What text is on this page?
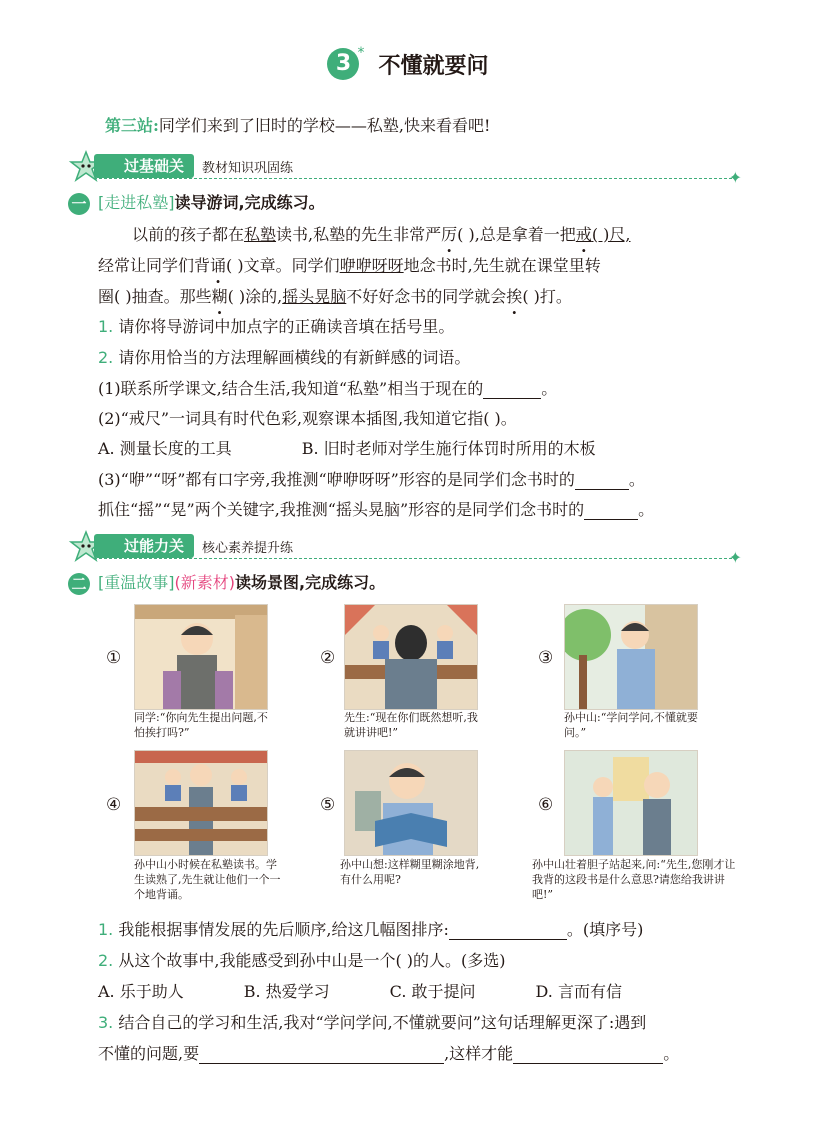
3 *不懂就要问
第三站:同学们来到了旧时的学校——私塾,快来看看吧!
过基础关	教材知识巩固练	✦
一 [走进私塾]读导游词,完成练习。
以前的孩子都在私塾读书,私塾的先生非常严厉( ),总是拿着一把戒( )尺,
经常让同学们背诵( )文章。同学们咿咿呀呀地念书时,先生就在课堂里转
圈( )抽查。那些糊( )涂的,摇头晃脑不好好念书的同学就会挨( )打。
1. 请你将导游词中加点字的正确读音填在括号里。
2. 请你用恰当的方法理解画横线的有新鲜感的词语。
(1)联系所学课文,结合生活,我知道“私塾”相当于现在的	。
(2)“戒尺”一词具有时代色彩,观察课本插图,我知道它指( )。
A. 测量长度的工具	B. 旧时老师对学生施行体罚时所用的木板
(3)“咿”“呀”都有口字旁,我推测“咿咿呀呀”形容的是同学们念书时的	。
抓住“摇”“晃”两个关键字,我推测“摇头晃脑”形容的是同学们念书时的	。
过能力关	核心素养提升练	✦
二 [重温故事](新素材)读场景图,完成练习。
①
同学:“你向先生提出问题,不怕挨打吗?”
②
先生:“现在你们既然想听,我就讲讲吧!”
③
孙中山:“学问学问,不懂就要问。”
④
孙中山小时候在私塾读书。学生读熟了,先生就让他们一个一个地背诵。
⑤
孙中山想:这样糊里糊涂地背,有什么用呢?
⑥
孙中山壮着胆子站起来,问:“先生,您刚才让我背的这段书是什么意思?请您给我讲讲吧!”
1. 我能根据事情发展的先后顺序,给这几幅图排序:	。(填序号)
2. 从这个故事中,我能感受到孙中山是一个( )的人。(多选)
A. 乐于助人	B. 热爱学习	C. 敢于提问	D. 言而有信
3. 结合自己的学习和生活,我对“学问学问,不懂就要问”这句话理解更深了:遇到
不懂的问题,要	,这样才能	。
